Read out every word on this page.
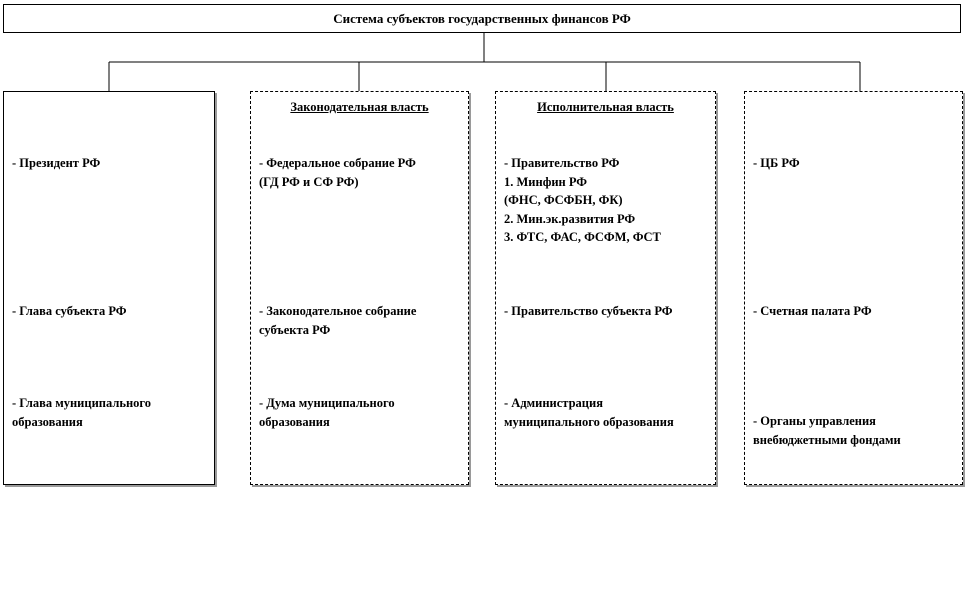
Система субъектов государственных финансов РФ
- Президент РФ
- Глава субъекта РФ
- Глава муниципального
образования
Законодательная власть
- Федеральное собрание РФ
(ГД РФ и СФ РФ)
- Законодательное собрание
субъекта РФ
- Дума муниципального
образования
Исполнительная власть
- Правительство РФ
1. Минфин РФ
(ФНС, ФСФБН, ФК)
2. Мин.эк.развития РФ
3. ФТС, ФАС, ФСФМ, ФСТ
- Правительство субъекта РФ
- Администрация
муниципального образования
- ЦБ РФ
- Счетная палата РФ
- Органы управления
внебюджетными фондами
